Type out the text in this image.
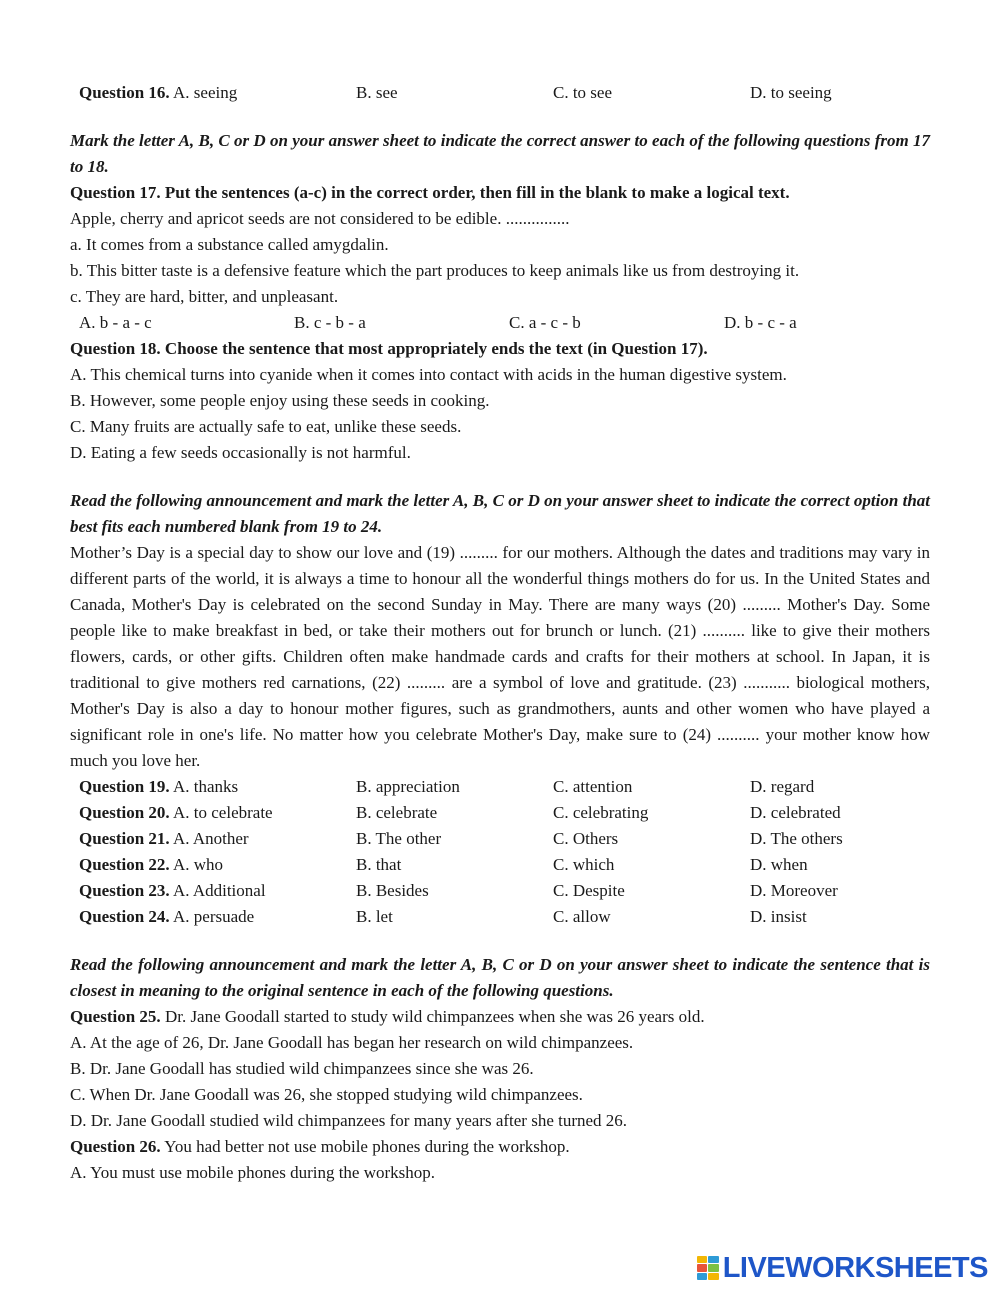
Question 16. A. seeing	B. see	C. to see	D. to seeing
Mark the letter A, B, C or D on your answer sheet to indicate the correct answer to each of the following questions from 17 to 18.
Question 17. Put the sentences (a-c) in the correct order, then fill in the blank to make a logical text.
Apple, cherry and apricot seeds are not considered to be edible. ...............
a. It comes from a substance called amygdalin.
b. This bitter taste is a defensive feature which the part produces to keep animals like us from destroying it.
c. They are hard, bitter, and unpleasant.
A. b - a - c	B. c - b - a	C. a - c - b	D. b - c - a
Question 18. Choose the sentence that most appropriately ends the text (in Question 17).
A. This chemical turns into cyanide when it comes into contact with acids in the human digestive system.
B. However, some people enjoy using these seeds in cooking.
C. Many fruits are actually safe to eat, unlike these seeds.
D. Eating a few seeds occasionally is not harmful.
Read the following announcement and mark the letter A, B, C or D on your answer sheet to indicate the correct option that best fits each numbered blank from 19 to 24.
Mother’s Day is a special day to show our love and (19) ......... for our mothers. Although the dates and traditions may vary in different parts of the world, it is always a time to honour all the wonderful things mothers do for us. In the United States and Canada, Mother's Day is celebrated on the second Sunday in May. There are many ways (20) ......... Mother's Day. Some people like to make breakfast in bed, or take their mothers out for brunch or lunch. (21) .......... like to give their mothers flowers, cards, or other gifts. Children often make handmade cards and crafts for their mothers at school. In Japan, it is traditional to give mothers red carnations, (22) ......... are a symbol of love and gratitude. (23) ........... biological mothers, Mother's Day is also a day to honour mother figures, such as grandmothers, aunts and other women who have played a significant role in one's life. No matter how you celebrate Mother's Day, make sure to (24) .......... your mother know how much you love her.
Question 19. A. thanks	B. appreciation	C. attention	D. regard
Question 20. A. to celebrate	B. celebrate	C. celebrating	D. celebrated
Question 21. A. Another	B. The other	C. Others	D. The others
Question 22. A. who	B. that	C. which	D. when
Question 23. A. Additional	B. Besides	C. Despite	D. Moreover
Question 24. A. persuade	B. let	C. allow	D. insist
Read the following announcement and mark the letter A, B, C or D on your answer sheet to indicate the sentence that is closest in meaning to the original sentence in each of the following questions.
Question 25. Dr. Jane Goodall started to study wild chimpanzees when she was 26 years old.
A. At the age of 26, Dr. Jane Goodall has began her research on wild chimpanzees.
B. Dr. Jane Goodall has studied wild chimpanzees since she was 26.
C. When Dr. Jane Goodall was 26, she stopped studying wild chimpanzees.
D. Dr. Jane Goodall studied wild chimpanzees for many years after she turned 26.
Question 26. You had better not use mobile phones during the workshop.
A. You must use mobile phones during the workshop.
LIVEWORKSHEETS
